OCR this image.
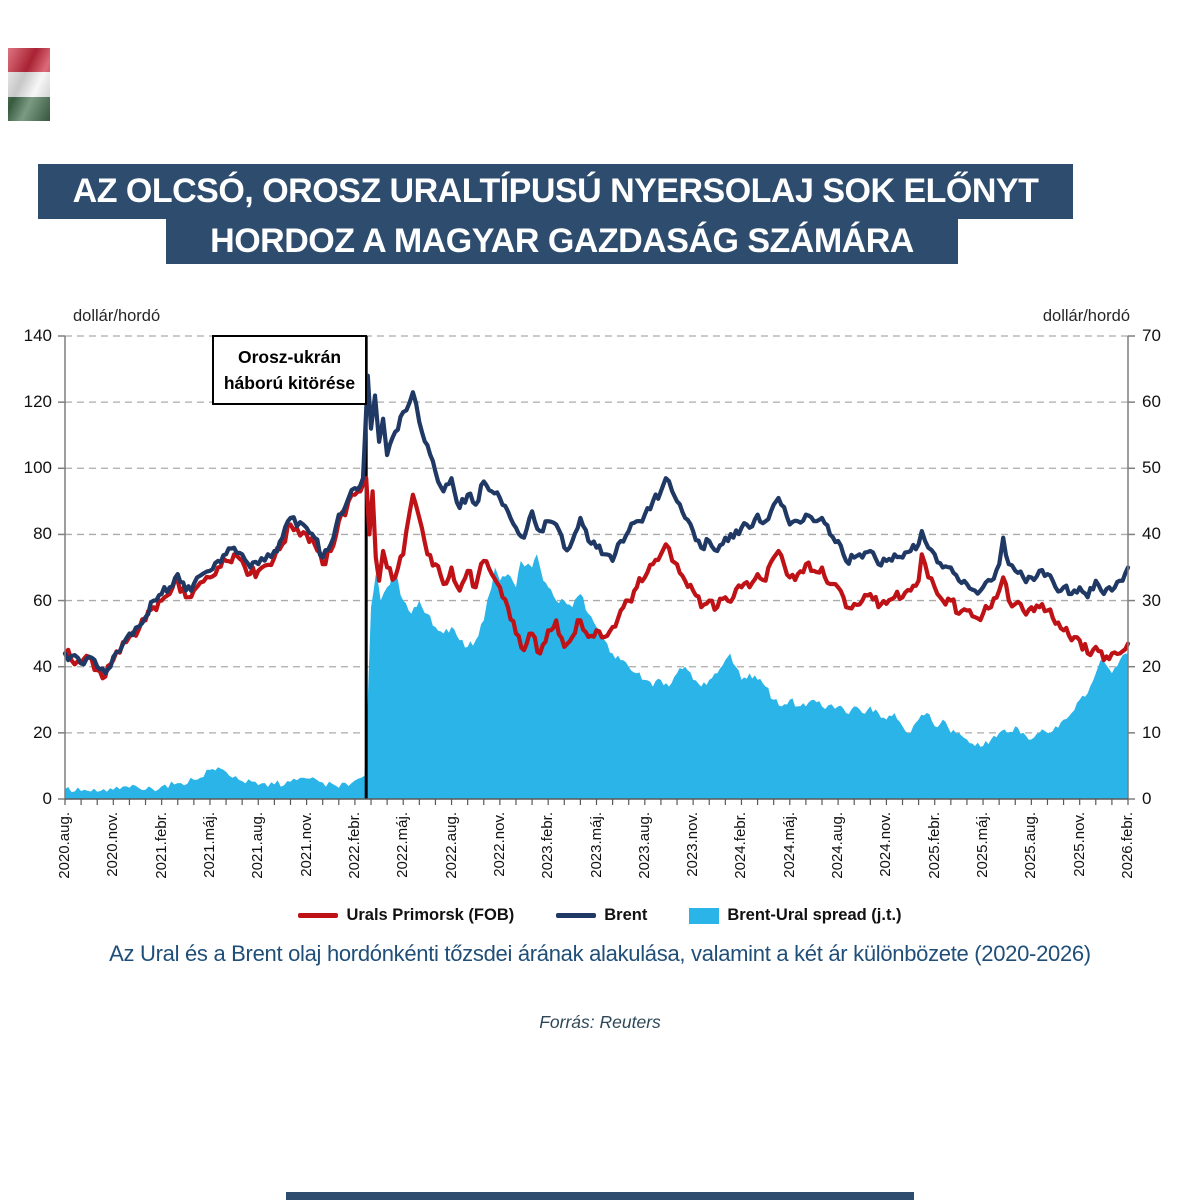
AZ OLCSÓ, OROSZ URALTÍPUSÚ NYERSOLAJ SOK ELŐNYT
HORDOZ A MAGYAR GAZDASÁG SZÁMÁRA
dollár/hordó	dollár/hordó
140
120
100
80
60
40
20
0
70
60
50
40
30
20
10
0
2020.aug. 2020.nov. 2021.febr. 2021.máj. 2021.aug. 2021.nov. 2022.febr. 2022.máj. 2022.aug. 2022.nov. 2023.febr. 2023.máj. 2023.aug. 2023.nov. 2024.febr. 2024.máj. 2024.aug. 2024.nov. 2025.febr. 2025.máj. 2025.aug. 2025.nov. 2026.febr.
Orosz-ukrán
háború kitörése
Urals Primorsk (FOB)	Brent	Brent-Ural spread (j.t.)
Az Ural és a Brent olaj hordónkénti tőzsdei árának alakulása, valamint a két ár különbözete (2020-2026)
Forrás: Reuters
